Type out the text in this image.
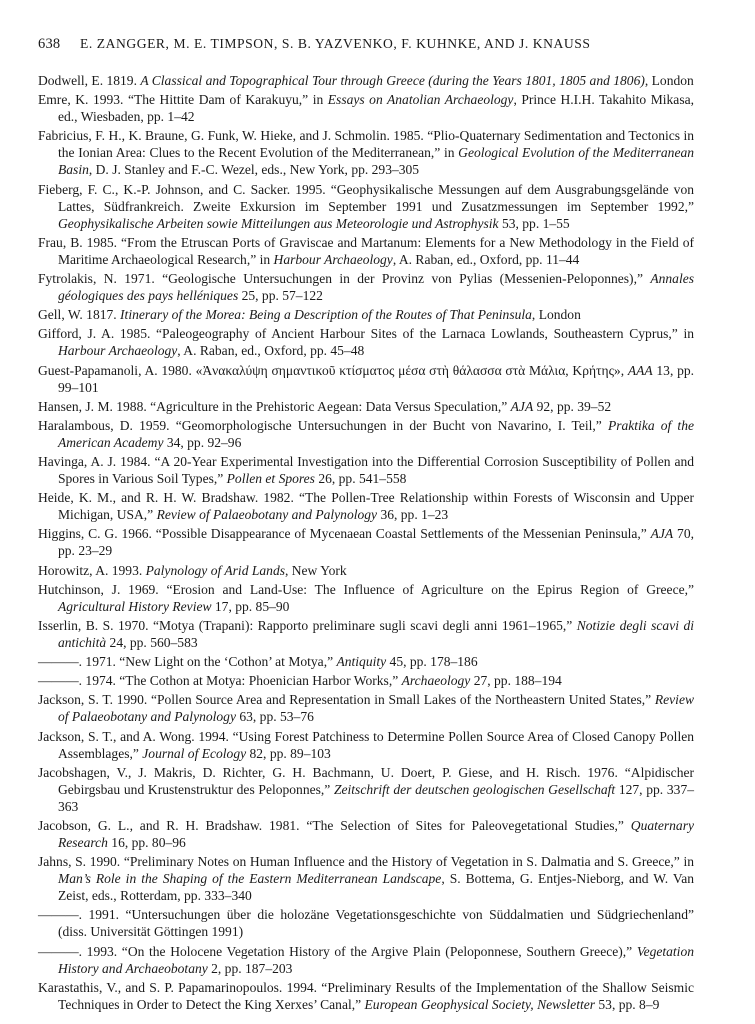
638	E. ZANGGER, M. E. TIMPSON, S. B. YAZVENKO, F. KUHNKE, AND J. KNAUSS
Dodwell, E. 1819. A Classical and Topographical Tour through Greece (during the Years 1801, 1805 and 1806), London
Emre, K. 1993. “The Hittite Dam of Karakuyu,” in Essays on Anatolian Archaeology, Prince H.I.H. Takahito Mikasa, ed., Wiesbaden, pp. 1–42
Fabricius, F. H., K. Braune, G. Funk, W. Hieke, and J. Schmolin. 1985. “Plio-Quaternary Sedimentation and Tectonics in the Ionian Area: Clues to the Recent Evolution of the Mediterranean,” in Geological Evolution of the Mediterranean Basin, D. J. Stanley and F.-C. Wezel, eds., New York, pp. 293–305
Fieberg, F. C., K.-P. Johnson, and C. Sacker. 1995. “Geophysikalische Messungen auf dem Ausgrabungsgelände von Lattes, Südfrankreich. Zweite Exkursion im September 1991 und Zusatzmessungen im September 1992,” Geophysikalische Arbeiten sowie Mitteilungen aus Meteorologie und Astrophysik 53, pp. 1–55
Frau, B. 1985. “From the Etruscan Ports of Graviscae and Martanum: Elements for a New Methodology in the Field of Maritime Archaeological Research,” in Harbour Archaeology, A. Raban, ed., Oxford, pp. 11–44
Fytrolakis, N. 1971. “Geologische Untersuchungen in der Provinz von Pylias (Messenien-Peloponnes),” Annales géologiques des pays helléniques 25, pp. 57–122
Gell, W. 1817. Itinerary of the Morea: Being a Description of the Routes of That Peninsula, London
Gifford, J. A. 1985. “Paleogeography of Ancient Harbour Sites of the Larnaca Lowlands, Southeastern Cyprus,” in Harbour Archaeology, A. Raban, ed., Oxford, pp. 45–48
Guest-Papamanoli, A. 1980. «Ἀνακαλύψη σημαντικοῦ κτίσματος μέσα στὴ θάλασσα στὰ Μάλια, Κρήτης», AAA 13, pp. 99–101
Hansen, J. M. 1988. “Agriculture in the Prehistoric Aegean: Data Versus Speculation,” AJA 92, pp. 39–52
Haralambous, D. 1959. “Geomorphologische Untersuchungen in der Bucht von Navarino, I. Teil,” Praktika of the American Academy 34, pp. 92–96
Havinga, A. J. 1984. “A 20-Year Experimental Investigation into the Differential Corrosion Susceptibility of Pollen and Spores in Various Soil Types,” Pollen et Spores 26, pp. 541–558
Heide, K. M., and R. H. W. Bradshaw. 1982. “The Pollen-Tree Relationship within Forests of Wisconsin and Upper Michigan, USA,” Review of Palaeobotany and Palynology 36, pp. 1–23
Higgins, C. G. 1966. “Possible Disappearance of Mycenaean Coastal Settlements of the Messenian Peninsula,” AJA 70, pp. 23–29
Horowitz, A. 1993. Palynology of Arid Lands, New York
Hutchinson, J. 1969. “Erosion and Land-Use: The Influence of Agriculture on the Epirus Region of Greece,” Agricultural History Review 17, pp. 85–90
Isserlin, B. S. 1970. “Motya (Trapani): Rapporto preliminare sugli scavi degli anni 1961–1965,” Notizie degli scavi di antichità 24, pp. 560–583
———. 1971. “New Light on the ‘Cothon’ at Motya,” Antiquity 45, pp. 178–186
———. 1974. “The Cothon at Motya: Phoenician Harbor Works,” Archaeology 27, pp. 188–194
Jackson, S. T. 1990. “Pollen Source Area and Representation in Small Lakes of the Northeastern United States,” Review of Palaeobotany and Palynology 63, pp. 53–76
Jackson, S. T., and A. Wong. 1994. “Using Forest Patchiness to Determine Pollen Source Area of Closed Canopy Pollen Assemblages,” Journal of Ecology 82, pp. 89–103
Jacobshagen, V., J. Makris, D. Richter, G. H. Bachmann, U. Doert, P. Giese, and H. Risch. 1976. “Alpidischer Gebirgsbau und Krustenstruktur des Peloponnes,” Zeitschrift der deutschen geologischen Gesellschaft 127, pp. 337–363
Jacobson, G. L., and R. H. Bradshaw. 1981. “The Selection of Sites for Paleovegetational Studies,” Quaternary Research 16, pp. 80–96
Jahns, S. 1990. “Preliminary Notes on Human Influence and the History of Vegetation in S. Dalmatia and S. Greece,” in Man’s Role in the Shaping of the Eastern Mediterranean Landscape, S. Bottema, G. Entjes-Nieborg, and W. Van Zeist, eds., Rotterdam, pp. 333–340
———. 1991. “Untersuchungen über die holozäne Vegetationsgeschichte von Süddalmatien und Südgriechenland” (diss. Universität Göttingen 1991)
———. 1993. “On the Holocene Vegetation History of the Argive Plain (Peloponnese, Southern Greece),” Vegetation History and Archaeobotany 2, pp. 187–203
Karastathis, V., and S. P. Papamarinopoulos. 1994. “Preliminary Results of the Implementation of the Shallow Seismic Techniques in Order to Detect the King Xerxes’ Canal,” European Geophysical Society, Newsletter 53, pp. 8–9
